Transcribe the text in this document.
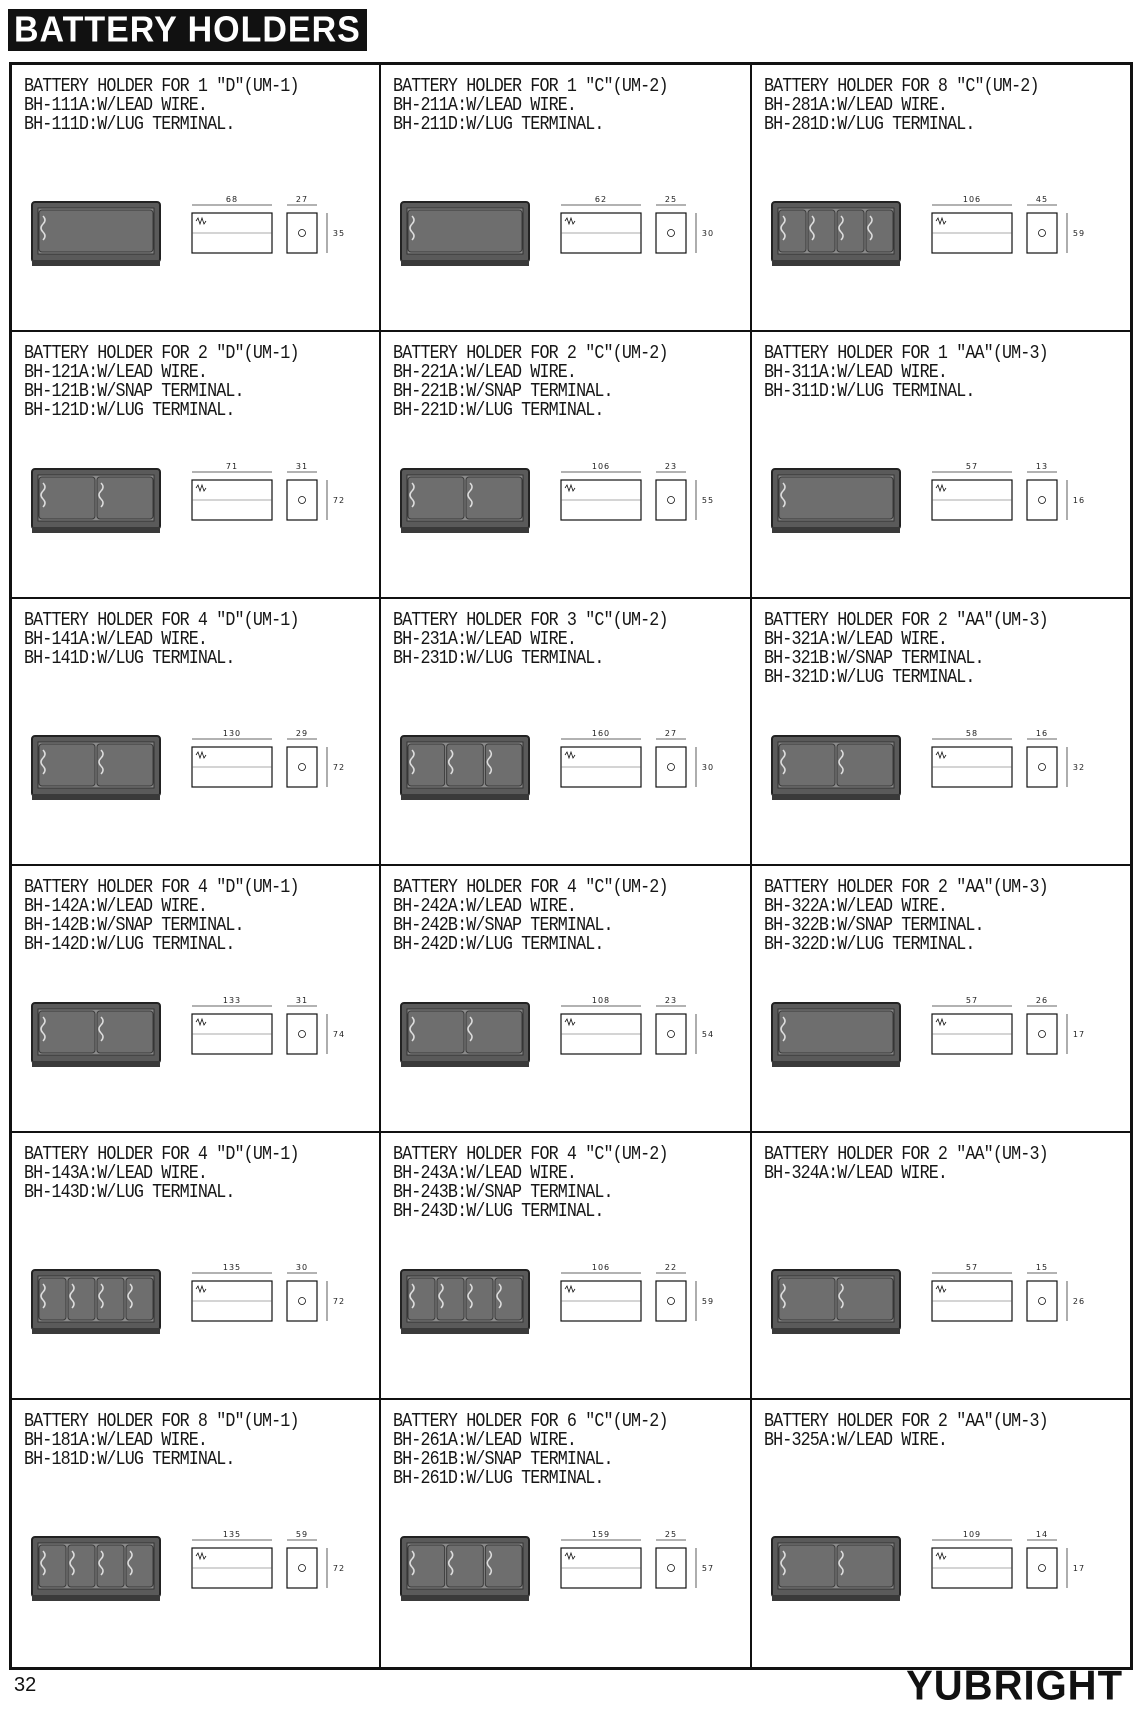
BATTERY HOLDERS
BATTERY HOLDER FOR 1 "D"(UM-1)
BH-111A:W/LEAD WIRE.
BH-111D:W/LUG TERMINAL.
68	27
35
BATTERY HOLDER FOR 1 "C"(UM-2)
BH-211A:W/LEAD WIRE.
BH-211D:W/LUG TERMINAL.
62	25
30
BATTERY HOLDER FOR 8 "C"(UM-2)
BH-281A:W/LEAD WIRE.
BH-281D:W/LUG TERMINAL.
106	45
59
BATTERY HOLDER FOR 2 "D"(UM-1)
BH-121A:W/LEAD WIRE.
BH-121B:W/SNAP TERMINAL.
BH-121D:W/LUG TERMINAL.
71	31
72
BATTERY HOLDER FOR 2 "C"(UM-2)
BH-221A:W/LEAD WIRE.
BH-221B:W/SNAP TERMINAL.
BH-221D:W/LUG TERMINAL.
106	23
55
BATTERY HOLDER FOR 1 "AA"(UM-3)
BH-311A:W/LEAD WIRE.
BH-311D:W/LUG TERMINAL.
57	13
16
BATTERY HOLDER FOR 4 "D"(UM-1)
BH-141A:W/LEAD WIRE.
BH-141D:W/LUG TERMINAL.
130	29
72
BATTERY HOLDER FOR 3 "C"(UM-2)
BH-231A:W/LEAD WIRE.
BH-231D:W/LUG TERMINAL.
160	27
30
BATTERY HOLDER FOR 2 "AA"(UM-3)
BH-321A:W/LEAD WIRE.
BH-321B:W/SNAP TERMINAL.
BH-321D:W/LUG TERMINAL.
58	16
32
BATTERY HOLDER FOR 4 "D"(UM-1)
BH-142A:W/LEAD WIRE.
BH-142B:W/SNAP TERMINAL.
BH-142D:W/LUG TERMINAL.
133	31
74
BATTERY HOLDER FOR 4 "C"(UM-2)
BH-242A:W/LEAD WIRE.
BH-242B:W/SNAP TERMINAL.
BH-242D:W/LUG TERMINAL.
108	23
54
BATTERY HOLDER FOR 2 "AA"(UM-3)
BH-322A:W/LEAD WIRE.
BH-322B:W/SNAP TERMINAL.
BH-322D:W/LUG TERMINAL.
57	26
17
BATTERY HOLDER FOR 4 "D"(UM-1)
BH-143A:W/LEAD WIRE.
BH-143D:W/LUG TERMINAL.
135	30
72
BATTERY HOLDER FOR 4 "C"(UM-2)
BH-243A:W/LEAD WIRE.
BH-243B:W/SNAP TERMINAL.
BH-243D:W/LUG TERMINAL.
106	22
59
BATTERY HOLDER FOR 2 "AA"(UM-3)
BH-324A:W/LEAD WIRE.
57	15
26
BATTERY HOLDER FOR 8 "D"(UM-1)
BH-181A:W/LEAD WIRE.
BH-181D:W/LUG TERMINAL.
135	59
72
BATTERY HOLDER FOR 6 "C"(UM-2)
BH-261A:W/LEAD WIRE.
BH-261B:W/SNAP TERMINAL.
BH-261D:W/LUG TERMINAL.
159	25
57
BATTERY HOLDER FOR 2 "AA"(UM-3)
BH-325A:W/LEAD WIRE.
109	14
17
32	YUBRIGHT
